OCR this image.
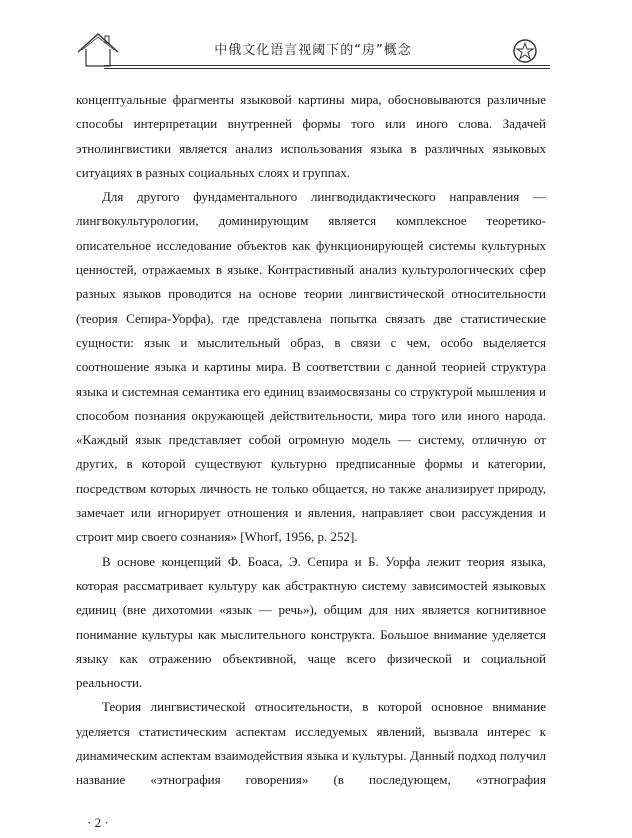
中俄文化语言视阈下的“房”概念

концептуальные фрагменты языковой картины мира, обосновываются различные способы интерпретации внутренней формы того или иного слова. Задачей этнолингвистики является анализ использования языка в различных языковых ситуациях в разных социальных слоях и группах.

Для другого фундаментального лингводидактического направления — лингвокультурологии, доминирующим является комплексное теоретико-описательное исследование объектов как функционирующей системы культурных ценностей, отражаемых в языке. Контрастивный анализ культурологических сфер разных языков проводится на основе теории лингвистической относительности (теория Сепира-Уорфа), где представлена попытка связать две статистические сущности: язык и мыслительный образ, в связи с чем, особо выделяется соотношение языка и картины мира. В соответствии с данной теорией структура языка и системная семантика его единиц взаимосвязаны со структурой мышления и способом познания окружающей действительности, мира того или иного народа. «Каждый язык представляет собой огромную модель — систему, отличную от других, в которой существуют культурно предписанные формы и категории, посредством которых личность не только общается, но также анализирует природу, замечает или игнорирует отношения и явления, направляет свои рассуждения и строит мир своего сознания» [Whorf, 1956, p. 252].

В основе концепций Ф. Боаса, Э. Сепира и Б. Уорфа лежит теория языка, которая рассматривает культуру как абстрактную систему зависимостей языковых единиц (вне дихотомии «язык — речь»), общим для них является когнитивное понимание культуры как мыслительного конструкта. Большое внимание уделяется языку как отражению объективной, чаще всего физической и социальной реальности.

Теория лингвистической относительности, в которой основное внимание уделяется статистическим аспектам исследуемых явлений, вызвала интерес к динамическим аспектам взаимодействия языка и культуры. Данный подход получил название «этнография говорения» (в последующем, «этнография

· 2 ·
